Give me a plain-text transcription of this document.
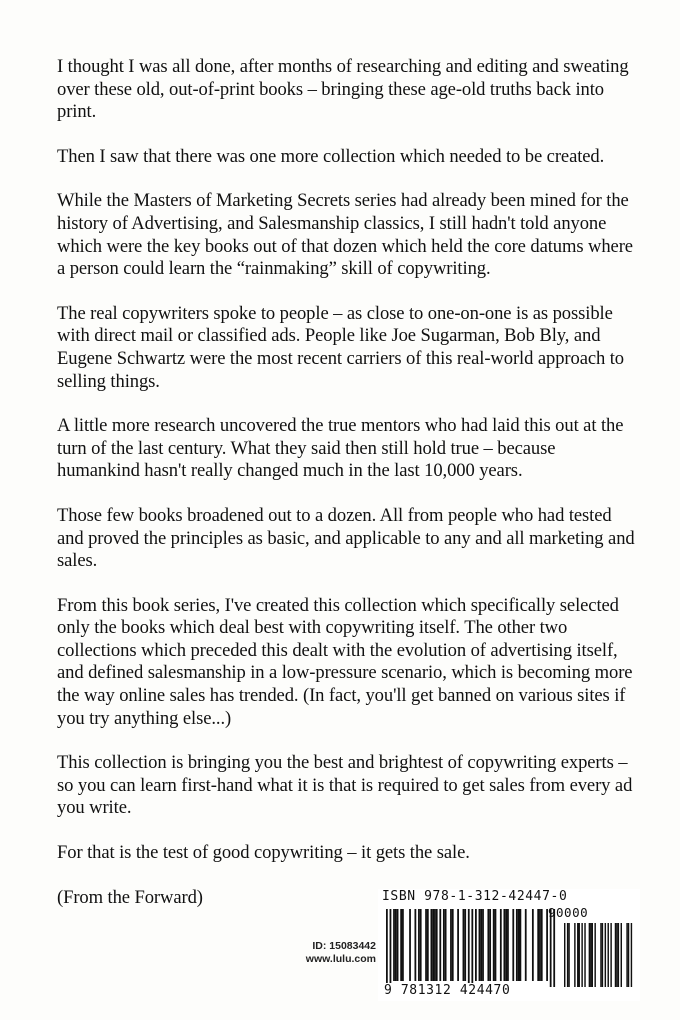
I thought I was all done, after months of researching and editing and sweating over these old, out-of-print books – bringing these age-old truths back into print.

Then I saw that there was one more collection which needed to be created.

While the Masters of Marketing Secrets series had already been mined for the history of Advertising, and Salesmanship classics, I still hadn't told anyone which were the key books out of that dozen which held the core datums where a person could learn the “rainmaking” skill of copywriting.

The real copywriters spoke to people – as close to one-on-one is as possible with direct mail or classified ads. People like Joe Sugarman, Bob Bly, and Eugene Schwartz were the most recent carriers of this real-world approach to selling things.

A little more research uncovered the true mentors who had laid this out at the turn of the last century. What they said then still hold true – because humankind hasn't really changed much in the last 10,000 years.

Those few books broadened out to a dozen. All from people who had tested and proved the principles as basic, and applicable to any and all marketing and sales.

From this book series, I've created this collection which specifically selected only the books which deal best with copywriting itself. The other two collections which preceded this dealt with the evolution of advertising itself, and defined salesmanship in a low-pressure scenario, which is becoming more the way online sales has trended. (In fact, you'll get banned on various sites if you try anything else...)

This collection is bringing you the best and brightest of copywriting experts – so you can learn first-hand what it is that is required to get sales from every ad you write.

For that is the test of good copywriting – it gets the sale.

(From the Forward)

ID: 15083442
www.lulu.com
ISBN 978-1-312-42447-0
90000
9 781312 424470
